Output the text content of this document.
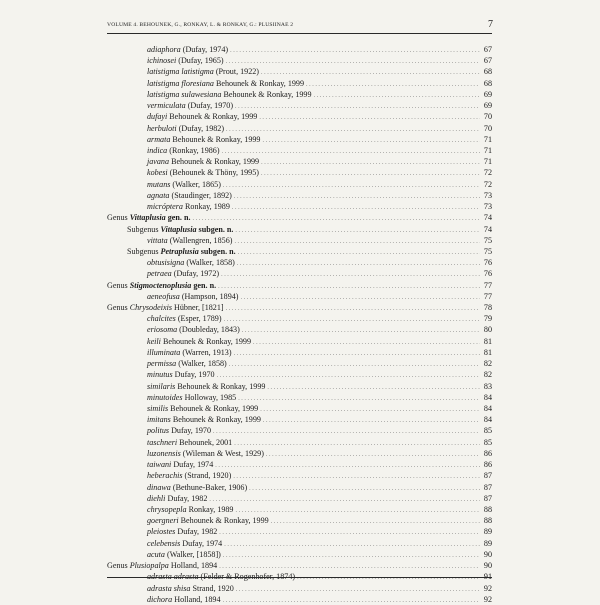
VOLUME 4. BEHOUNEK, G., RONKAY, L. & RONKAY, G.: PLUSIINAE 2	7
adiaphora (Dufay, 1974) .....	67
ichinosei (Dufay, 1965) .....	67
latistigma latistigma (Prout, 1922) .....	68
latistigma floresiana Behounek & Ronkay, 1999 .....	68
latistigma sulawesiana Behounek & Ronkay, 1999 .....	69
vermiculata (Dufay, 1970) .....	69
dufayi Behounek & Ronkay, 1999 .....	70
herbuloti (Dufay, 1982) .....	70
armata Behounek & Ronkay, 1999 .....	71
indica (Ronkay, 1986) .....	71
javana Behounek & Ronkay, 1999 .....	71
kobesi (Behounek & Thöny, 1995) .....	72
mutans (Walker, 1865) .....	72
agnata (Staudinger, 1892) .....	73
micróptera Ronkay, 1989 .....	73
Genus Vittaplusia gen. n. .....	74
Subgenus Vittaplusia subgen. n. .....	74
vittata (Wallengren, 1856) .....	75
Subgenus Petraplusia subgen. n. .....	75
obtusisigna (Walker, 1858) .....	76
petraea (Dufay, 1972) .....	76
Genus Stigmoctenoplusia gen. n. .....	77
aeneofusa (Hampson, 1894) .....	77
Genus Chrysodeixis Hübner, [1821] .....	78
chalcites (Esper, 1789) .....	79
eriosoma (Doubleday, 1843) .....	80
keili Behounek & Ronkay, 1999 .....	81
illuminata (Warren, 1913) .....	81
permissa (Walker, 1858) .....	82
minutus Dufay, 1970 .....	82
similaris Behounek & Ronkay, 1999 .....	83
minutoides Holloway, 1985 .....	84
similis Behounek & Ronkay, 1999 .....	84
imitans Behounek & Ronkay, 1999 .....	84
politus Dufay, 1970 .....	85
taschneri Behounek, 2001 .....	85
luzonensis (Wileman & West, 1929) .....	86
taiwani Dufay, 1974 .....	86
heberachis (Strand, 1920) .....	87
dinawa (Bethune-Baker, 1906) .....	87
diehli Dufay, 1982 .....	87
chrysopepla Ronkay, 1989 .....	88
goergneri Behounek & Ronkay, 1999 .....	88
pleiostes Dufay, 1982 .....	89
celebensis Dufay, 1974 .....	89
acuta (Walker, [1858]) .....	90
Genus Plusiopalpa Holland, 1894 .....	90
adrasta adrasta (Felder & Rogenhofer, 1874) .....	91
adrasta shisa Strand, 1920 .....	92
dichora Holland, 1894 .....	92
